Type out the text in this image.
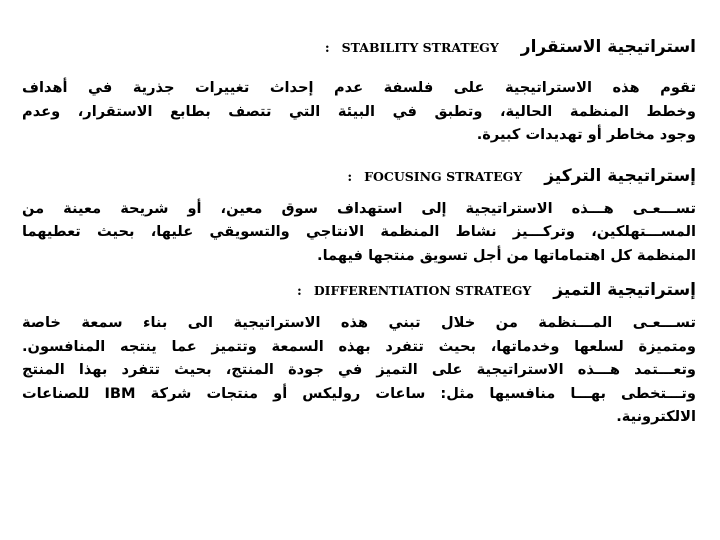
استراتيجية الاستقرار
STABILITY STRATEGY
:

تقوم هذه الاستراتيجية على فلسفة عدم إحداث تغييرات جذرية في أهداف
وخطط المنظمة الحالية، وتطبق في البيئة التي تتصف بطابع الاستقرار، وعدم
وجود مخاطر أو تهديدات كبيرة.

إستراتيجية التركيز
FOCUSING STRATEGY
:

تســـعـى هـــذه الاستراتيجية إلى استهداف سوق معين، أو شريحة معينة من
المســـتهلكين، وتركـــيز نشاط المنظمة الانتاجي والتسويقي عليها، بحيث تعطيهما
المنظمة كل اهتماماتها من أجل تسويق منتجها فيهما.

إستراتيجية التميز
DIFFERENTIATION STRATEGY
:

تســـعـى المـــنظمة من خلال تبني هذه الاستراتيجية الى بناء سمعة خاصة
ومتميزة لسلعها وخدماتها، بحيث تتفرد بهذه السمعة وتتميز عما ينتجه المنافسون.
وتعـــتمد هـــذه الاستراتيجية على التميز في جودة المنتج، بحيث تتفرد بهذا المنتج
وتـــتخطى بهـــا منافسيها مثل: ساعات روليكس أو منتجات شركة IBM للصناعات
الالكترونية.
